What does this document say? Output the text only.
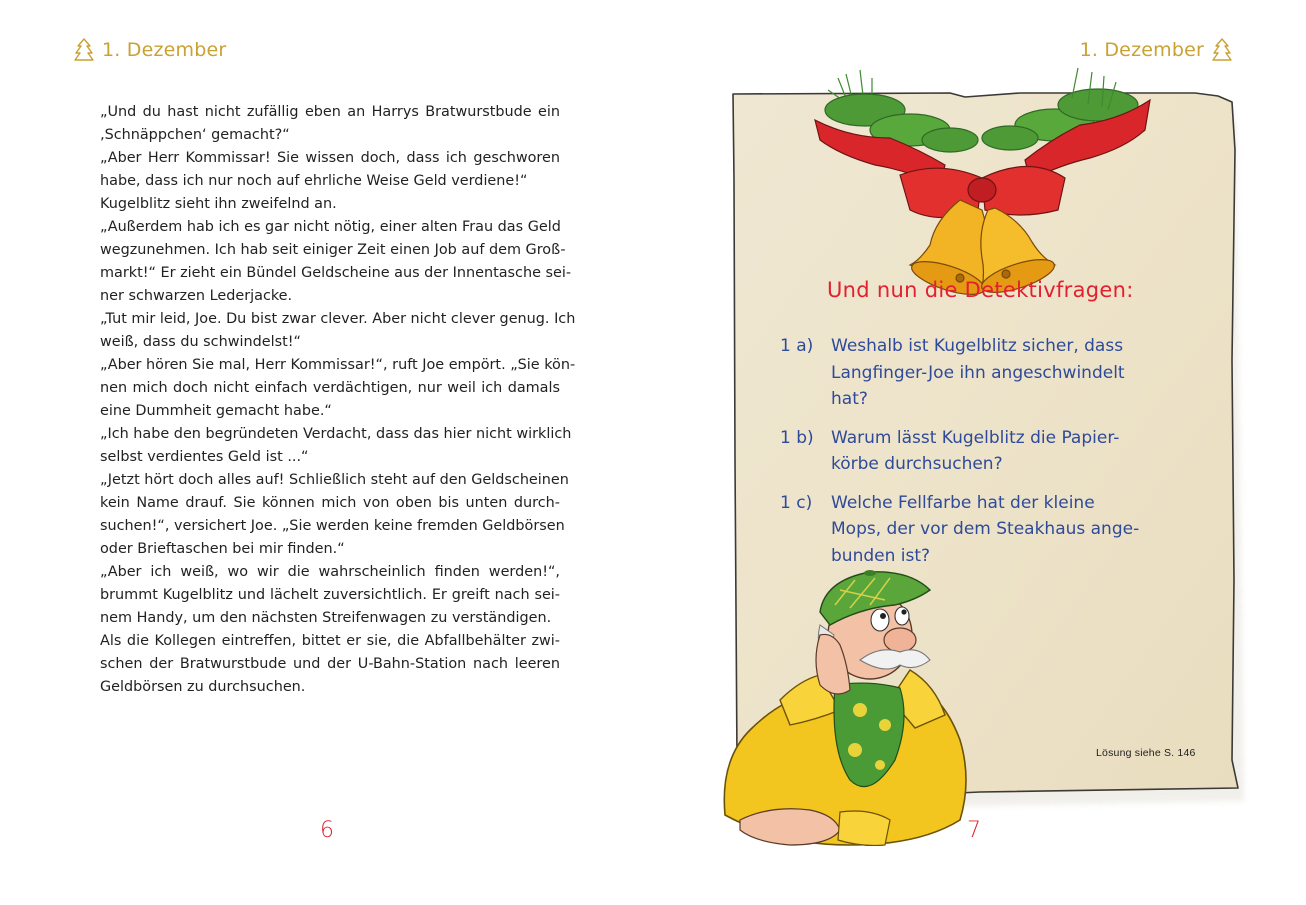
1. Dezember
„Und du hast nicht zufällig eben an Harrys Bratwurstbude ein
‚Schnäppchen‘ gemacht?“
„Aber Herr Kommissar! Sie wissen doch, dass ich geschworen
habe, dass ich nur noch auf ehrliche Weise Geld verdiene!“
Kugelblitz sieht ihn zweifelnd an.
„Außerdem hab ich es gar nicht nötig, einer alten Frau das Geld
wegzunehmen. Ich hab seit einiger Zeit einen Job auf dem Groß-
markt!“ Er zieht ein Bündel Geldscheine aus der Innentasche sei-
ner schwarzen Lederjacke.
„Tut mir leid, Joe. Du bist zwar clever. Aber nicht clever genug. Ich
weiß, dass du schwindelst!“
„Aber hören Sie mal, Herr Kommissar!“, ruft Joe empört. „Sie kön-
nen mich doch nicht einfach verdächtigen, nur weil ich damals
eine Dummheit gemacht habe.“
„Ich habe den begründeten Verdacht, dass das hier nicht wirklich
selbst verdientes Geld ist ...“
„Jetzt hört doch alles auf! Schließlich steht auf den Geldscheinen
kein Name drauf. Sie können mich von oben bis unten durch-
suchen!“, versichert Joe. „Sie werden keine fremden Geldbörsen
oder Brieftaschen bei mir finden.“
„Aber ich weiß, wo wir die wahrscheinlich finden werden!“,
brummt Kugelblitz und lächelt zuversichtlich. Er greift nach sei-
nem Handy, um den nächsten Streifenwagen zu verständigen.
Als die Kollegen eintreffen, bittet er sie, die Abfallbehälter zwi-
schen der Bratwurstbude und der U-Bahn-Station nach leeren
Geldbörsen zu durchsuchen.
6
1. Dezember
Und nun die Detektivfragen:
1 a)	Weshalb ist Kugelblitz sicher, dass
Langfinger-Joe ihn angeschwindelt
hat?
1 b)	Warum lässt Kugelblitz die Papier-
körbe durchsuchen?
1 c)	Welche Fellfarbe hat der kleine
Mops, der vor dem Steakhaus ange-
bunden ist?
Lösung siehe S. 146
7
